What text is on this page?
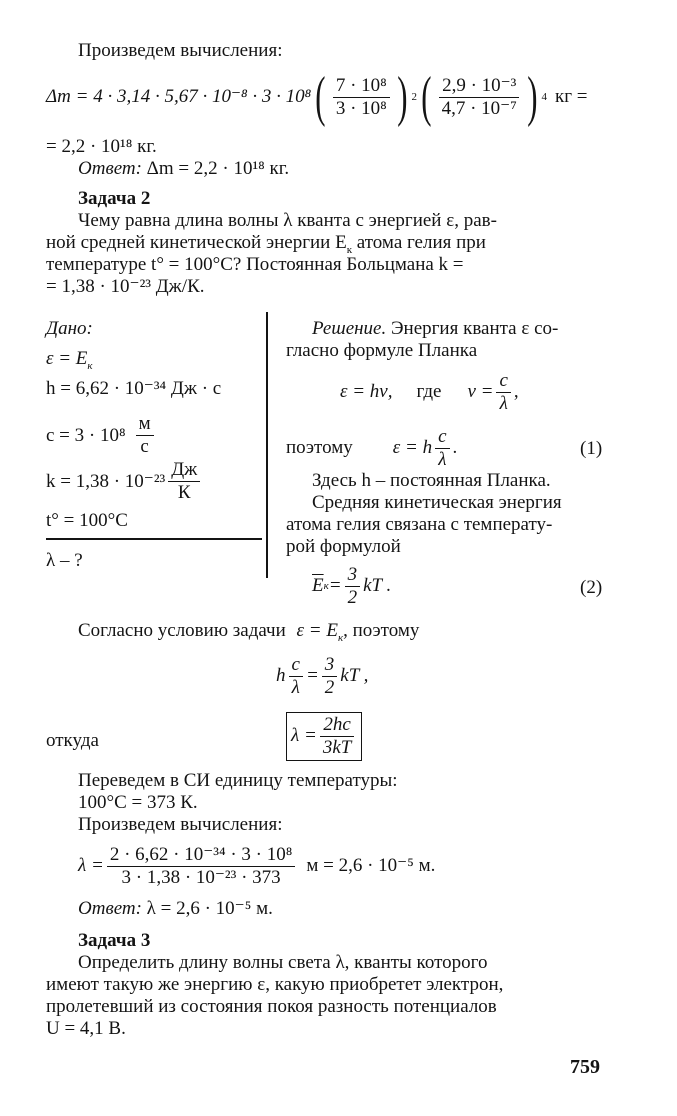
Произведем вычисления:
Δm = 4 · 3,14 · 5,67 · 10⁻⁸ · 3 · 10⁸ ( $\frac{\text{7 · 10⁸}}{\text{3 · 10⁸}}$ ) 2 ( $\frac{\text{2,9 · 10⁻³}}{\text{4,7 · 10⁻⁷}}$ ) 4 кг =
= 2,2 · 10¹⁸ кг.
Ответ: Δm = 2,2 · 10¹⁸ кг.
Задача 2
Чему равна длина волны λ кванта с энергией ε, рав-
ной средней кинетической энергии $E_к$ атома гелия при
температуре t° = 100°C? Постоянная Больцмана k =
= 1,38 · 10⁻²³ Дж/К.
Дано:
$\varepsilon = E_к$
h = 6,62 · 10⁻³⁴ Дж · с
$c = 3 \cdot 10^8 \frac{м}{с}$
$k = 1,38 \cdot 10^{-23} \frac{Дж}{К}$
t° = 100°C
λ – ?
Решение. Энергия кванта ε со-
гласно формуле Планка
ε = hν, где $\nu = \frac{c}{\lambda}$ ,
поэтому ε = h $\frac{c}{\lambda}$ .	(1)
Здесь h – постоянная Планка.
Средняя кинетическая энергия
атома гелия связана с температу-
рой формулой
$\overline{E}$ $к = \frac{3}{2}$ kT .	(2)
Согласно условию задачи $\varepsilon = E_к$, поэтому
h $\frac{c}{\lambda} = \frac{3}{2}$ kT ,
откуда	$\lambda = \frac{2hc}{3kT}$
Переведем в СИ единицу температуры:
100°C = 373 К.
Произведем вычисления:
$\lambda = \frac{\text{2 · 6,62 · 10⁻³⁴ · 3 · 10⁸}}{\text{3 · 1,38 · 10⁻²³ · 373}}$ м = 2,6 · 10⁻⁵ м.
Ответ: λ = 2,6 · 10⁻⁵ м.
Задача 3
Определить длину волны света λ, кванты которого
имеют такую же энергию ε, какую приобретет электрон,
пролетевший из состояния покоя разность потенциалов
U = 4,1 В.
759
